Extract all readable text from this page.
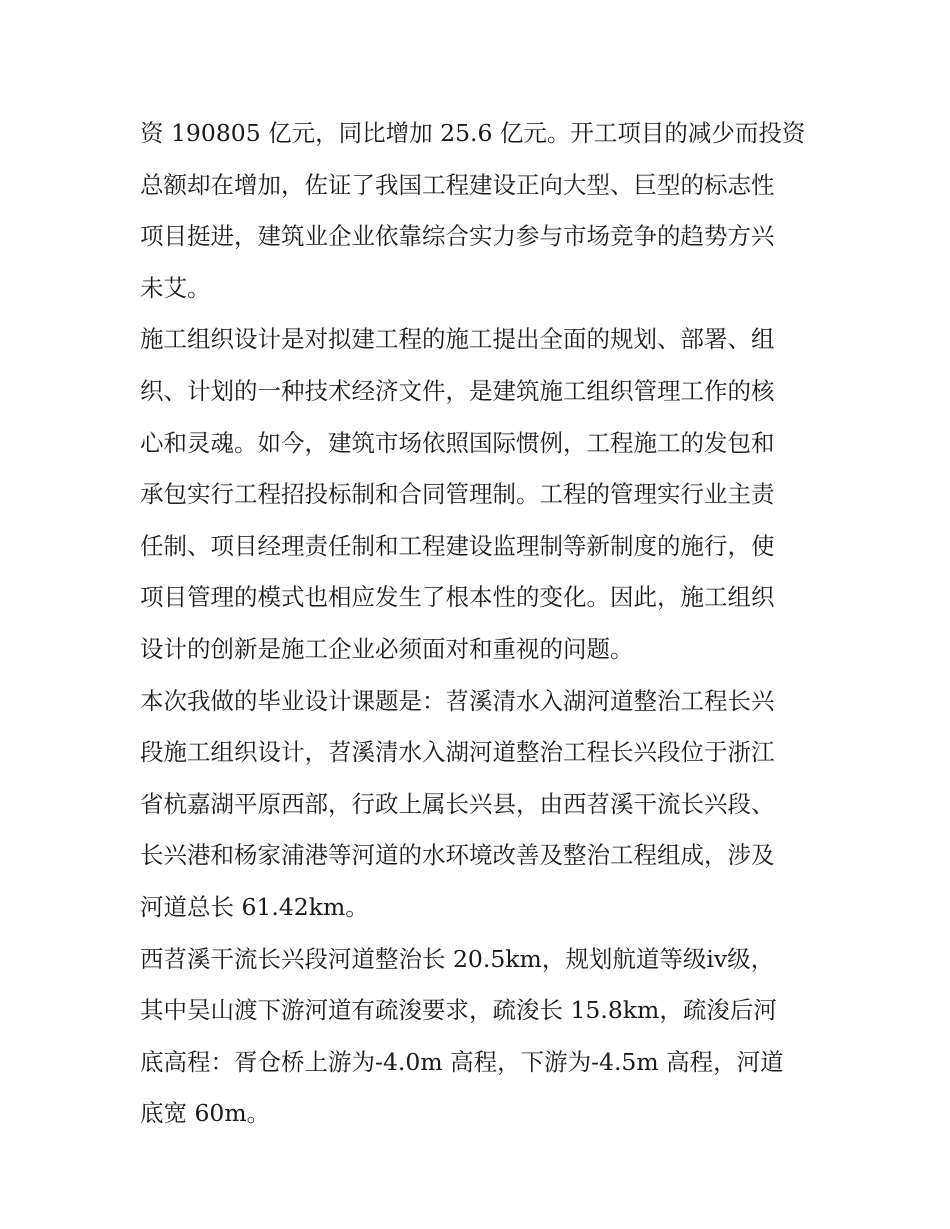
资 190805 亿元，同比增加 25.6 亿元。开工项目的减少而投资
总额却在增加，佐证了我国工程建设正向大型、巨型的标志性
项目挺进，建筑业企业依靠综合实力参与市场竞争的趋势方兴
未艾。

施工组织设计是对拟建工程的施工提出全面的规划、部署、组
织、计划的一种技术经济文件，是建筑施工组织管理工作的核
心和灵魂。如今，建筑市场依照国际惯例，工程施工的发包和
承包实行工程招投标制和合同管理制。工程的管理实行业主责
任制、项目经理责任制和工程建设监理制等新制度的施行，使
项目管理的模式也相应发生了根本性的变化。因此，施工组织
设计的创新是施工企业必须面对和重视的问题。

本次我做的毕业设计课题是：苕溪清水入湖河道整治工程长兴
段施工组织设计，苕溪清水入湖河道整治工程长兴段位于浙江
省杭嘉湖平原西部，行政上属长兴县，由西苕溪干流长兴段、
长兴港和杨家浦港等河道的水环境改善及整治工程组成，涉及
河道总长 61.42km。

西苕溪干流长兴段河道整治长 20.5km，规划航道等级ⅳ级，
其中吴山渡下游河道有疏浚要求，疏浚长 15.8km，疏浚后河
底高程：胥仓桥上游为-4.0m 高程，下游为-4.5m 高程，河道
底宽 60m。
